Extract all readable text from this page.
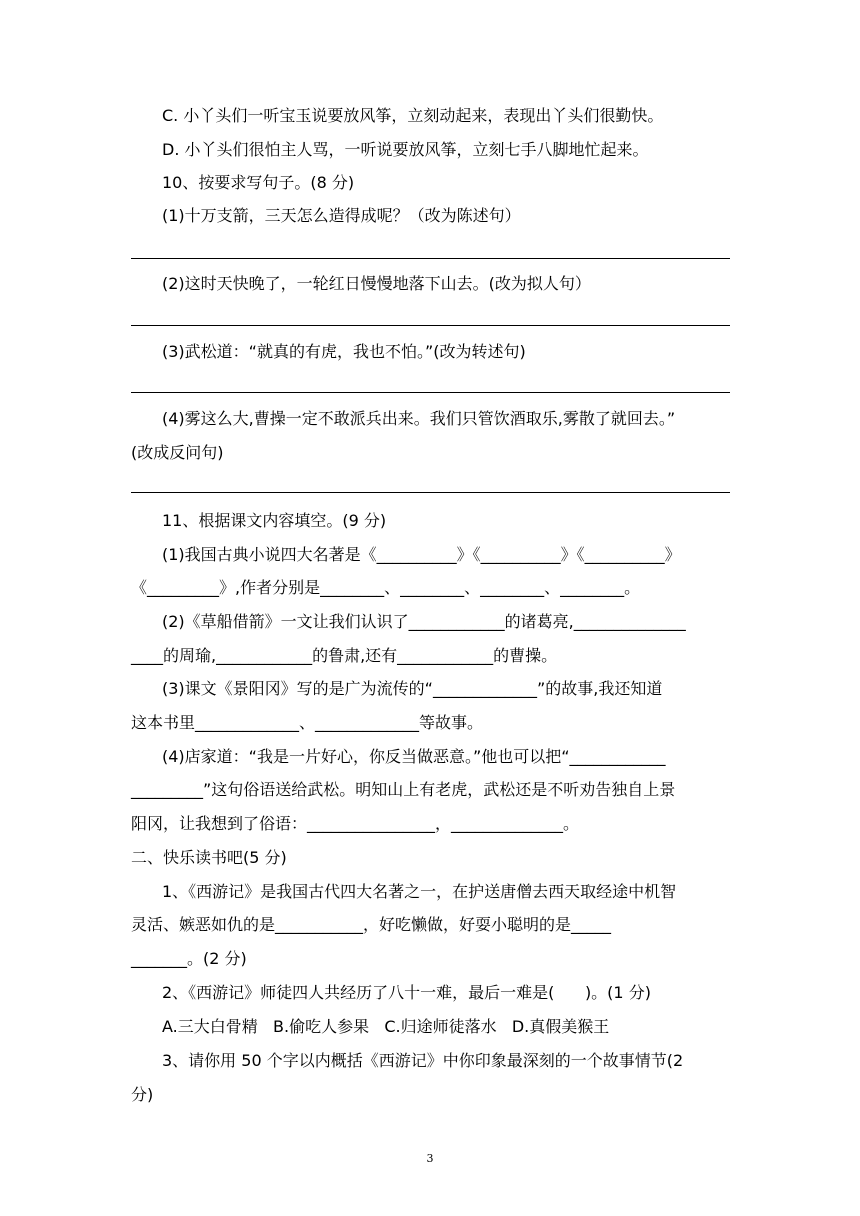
C. 小丫头们一听宝玉说要放风筝，立刻动起来，表现出丫头们很勤快。
D. 小丫头们很怕主人骂，一听说要放风筝，立刻七手八脚地忙起来。
10、按要求写句子。(8 分)
(1)十万支箭，三天怎么造得成呢？（改为陈述句）
(2)这时天快晚了，一轮红日慢慢地落下山去。(改为拟人句）
(3)武松道：“就真的有虎，我也不怕。”(改为转述句)
(4)雾这么大,曹操一定不敢派兵出来。我们只管饮酒取乐,雾散了就回去。”
(改成反问句)
11、根据课文内容填空。(9 分)
(1)我国古典小说四大名著是《__________》《__________》《__________》
《_________》,作者分别是________、________、________、________。
(2)《草船借箭》一文让我们认识了____________的诸葛亮,______________
____的周瑜,____________的鲁肃,还有____________的曹操。
(3)课文《景阳冈》写的是广为流传的“_____________”的故事,我还知道
这本书里_____________、_____________等故事。
(4)店家道：“我是一片好心，你反当做恶意。”他也可以把“____________
_________”这句俗语送给武松。明知山上有老虎，武松还是不听劝告独自上景
阳冈，让我想到了俗语：________________，______________。
二、快乐读书吧(5 分)
1、《西游记》是我国古代四大名著之一，在护送唐僧去西天取经途中机智
灵活、嫉恶如仇的是___________，好吃懒做，好耍小聪明的是_____
_______。(2 分)
2、《西游记》师徒四人共经历了八十一难，最后一难是(      )。(1 分)
A.三大白骨精   B.偷吃人参果   C.归途师徒落水   D.真假美猴王
3、请你用 50 个字以内概括《西游记》中你印象最深刻的一个故事情节(2
分)
3
